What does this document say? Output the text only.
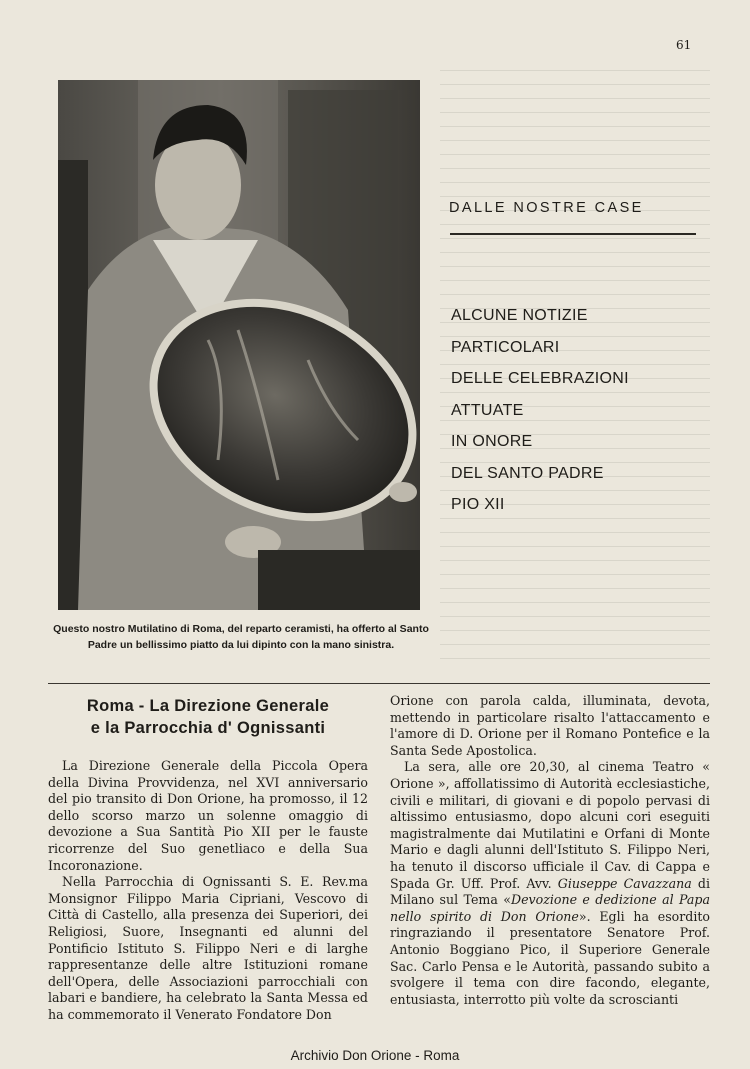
61
Questo nostro Mutilatino di Roma, del reparto ceramisti, ha offerto al Santo Padre un bellissimo piatto da lui dipinto con la mano sinistra.
DALLE NOSTRE CASE
ALCUNE NOTIZIE
PARTICOLARI
DELLE CELEBRAZIONI
ATTUATE
IN ONORE
DEL SANTO PADRE
PIO XII
Roma - La Direzione Generale
e la Parrocchia d' Ognissanti

La Direzione Generale della Piccola Opera della Divina Provvidenza, nel XVI anniversario del pio transito di Don Orione, ha promosso, il 12 dello scorso marzo un solenne omaggio di devozione a Sua Santità Pio XII per le fauste ricorrenze del Suo genetliaco e della Sua Incoronazione.

Nella Parrocchia di Ognissanti S. E. Rev.ma Monsignor Filippo Maria Cipriani, Vescovo di Città di Castello, alla presenza dei Superiori, dei Religiosi, Suore, Insegnanti ed alunni del Pontificio Istituto S. Filippo Neri e di larghe rappresentanze delle altre Istituzioni romane dell'Opera, delle Associazioni parrocchiali con labari e bandiere, ha celebrato la Santa Messa ed ha commemorato il Venerato Fondatore Don

Orione con parola calda, illuminata, devota, mettendo in particolare risalto l'attaccamento e l'amore di D. Orione per il Romano Pontefice e la Santa Sede Apostolica.

La sera, alle ore 20,30, al cinema Teatro « Orione », affollatissimo di Autorità ecclesiastiche, civili e militari, di giovani e di popolo pervasi di altissimo entusiasmo, dopo alcuni cori eseguiti magistralmente dai Mutilatini e Orfani di Monte Mario e dagli alunni dell'Istituto S. Filippo Neri, ha tenuto il discorso ufficiale il Cav. di Cappa e Spada Gr. Uff. Prof. Avv. Giuseppe Cavazzana di Milano sul Tema «Devozione e dedizione al Papa nello spirito di Don Orione». Egli ha esordito ringraziando il presentatore Senatore Prof. Antonio Boggiano Pico, il Superiore Generale Sac. Carlo Pensa e le Autorità, passando subito a svolgere il tema con dire facondo, elegante, entusiasta, interrotto più volte da scroscianti

Archivio Don Orione - Roma
